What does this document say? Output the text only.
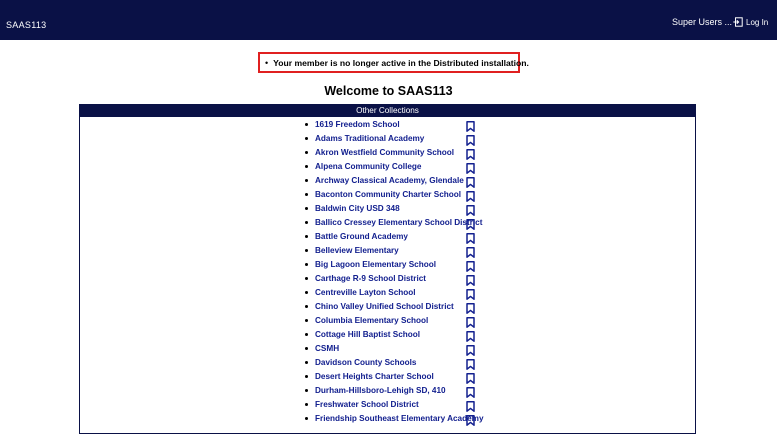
SAAS113	Super Users ... Log In
• Your member is no longer active in the Distributed installation.
Welcome to SAAS113
Other Collections
1619 Freedom School
Adams Traditional Academy
Akron Westfield Community School
Alpena Community College
Archway Classical Academy, Glendale
Baconton Community Charter School
Baldwin City USD 348
Ballico Cressey Elementary School District
Battle Ground Academy
Belleview Elementary
Big Lagoon Elementary School
Carthage R-9 School District
Centreville Layton School
Chino Valley Unified School District
Columbia Elementary School
Cottage Hill Baptist School
CSMH
Davidson County Schools
Desert Heights Charter School
Durham-Hillsboro-Lehigh SD, 410
Freshwater School District
Friendship Southeast Elementary Academy
